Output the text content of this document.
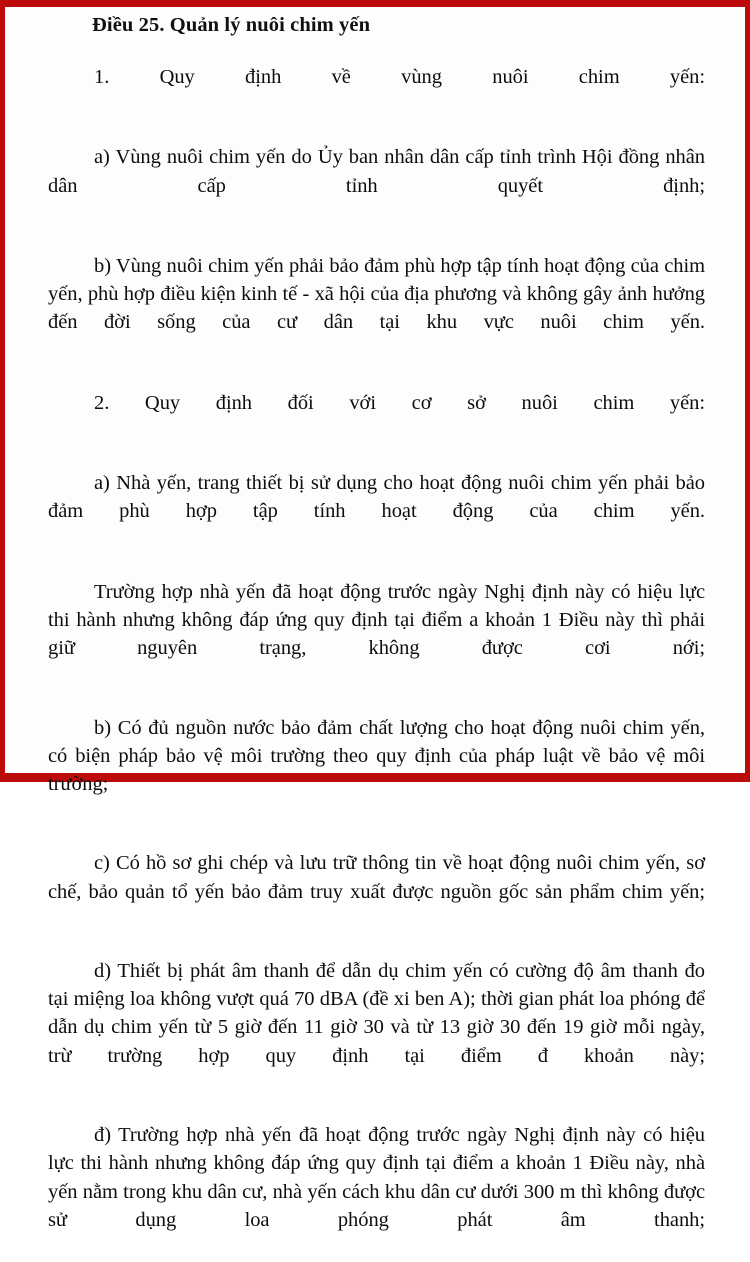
Điều 25. Quản lý nuôi chim yến

1. Quy định về vùng nuôi chim yến:

a) Vùng nuôi chim yến do Ủy ban nhân dân cấp tỉnh trình Hội đồng nhân dân cấp tỉnh quyết định;

b) Vùng nuôi chim yến phải bảo đảm phù hợp tập tính hoạt động của chim yến, phù hợp điều kiện kinh tế - xã hội của địa phương và không gây ảnh hưởng đến đời sống của cư dân tại khu vực nuôi chim yến.

2. Quy định đối với cơ sở nuôi chim yến:

a) Nhà yến, trang thiết bị sử dụng cho hoạt động nuôi chim yến phải bảo đảm phù hợp tập tính hoạt động của chim yến.

Trường hợp nhà yến đã hoạt động trước ngày Nghị định này có hiệu lực thi hành nhưng không đáp ứng quy định tại điểm a khoản 1 Điều này thì phải giữ nguyên trạng, không được cơi nới;

b) Có đủ nguồn nước bảo đảm chất lượng cho hoạt động nuôi chim yến, có biện pháp bảo vệ môi trường theo quy định của pháp luật về bảo vệ môi trường;

c) Có hồ sơ ghi chép và lưu trữ thông tin về hoạt động nuôi chim yến, sơ chế, bảo quản tổ yến bảo đảm truy xuất được nguồn gốc sản phẩm chim yến;

d) Thiết bị phát âm thanh để dẫn dụ chim yến có cường độ âm thanh đo tại miệng loa không vượt quá 70 dBA (đề xi ben A); thời gian phát loa phóng để dẫn dụ chim yến từ 5 giờ đến 11 giờ 30 và từ 13 giờ 30 đến 19 giờ mỗi ngày, trừ trường hợp quy định tại điểm đ khoản này;

đ) Trường hợp nhà yến đã hoạt động trước ngày Nghị định này có hiệu lực thi hành nhưng không đáp ứng quy định tại điểm a khoản 1 Điều này, nhà yến nằm trong khu dân cư, nhà yến cách khu dân cư dưới 300 m thì không được sử dụng loa phóng phát âm thanh;
